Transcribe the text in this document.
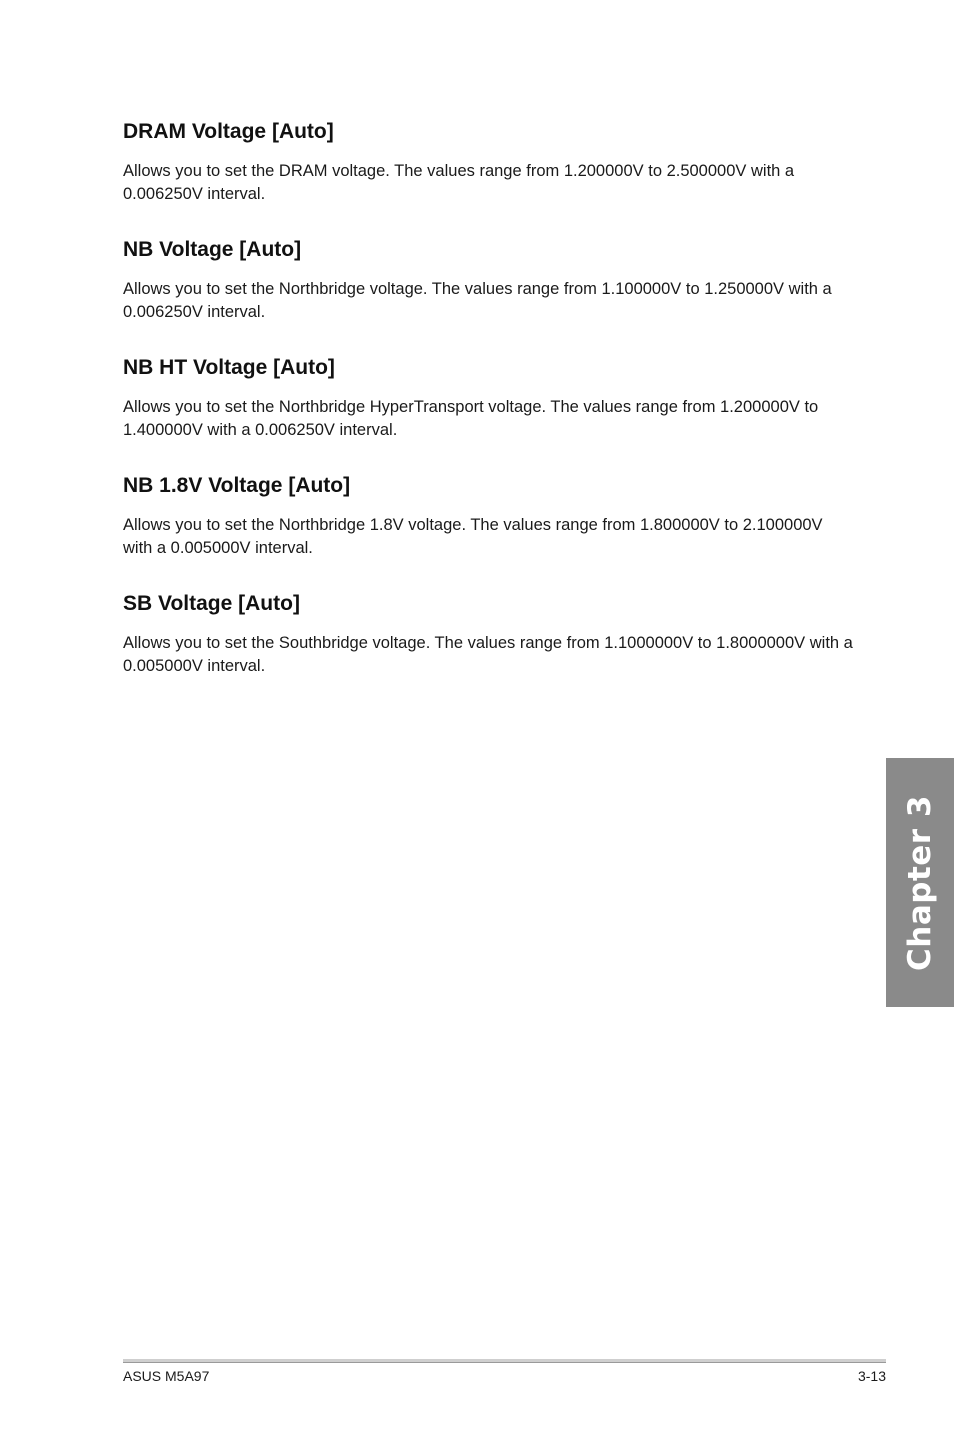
DRAM Voltage [Auto]

Allows you to set the DRAM voltage. The values range from 1.200000V to 2.500000V with a 0.006250V interval.

NB Voltage [Auto]

Allows you to set the Northbridge voltage. The values range from 1.100000V to 1.250000V with a 0.006250V interval.

NB HT Voltage [Auto]

Allows you to set the Northbridge HyperTransport voltage. The values range from 1.200000V to 1.400000V with a 0.006250V interval.

NB 1.8V Voltage [Auto]

Allows you to set the Northbridge 1.8V voltage. The values range from 1.800000V to 2.100000V with a 0.005000V interval.

SB Voltage [Auto]

Allows you to set the Southbridge voltage. The values range from 1.1000000V to 1.8000000V with a 0.005000V interval.

Chapter 3
ASUS M5A97	3-13
